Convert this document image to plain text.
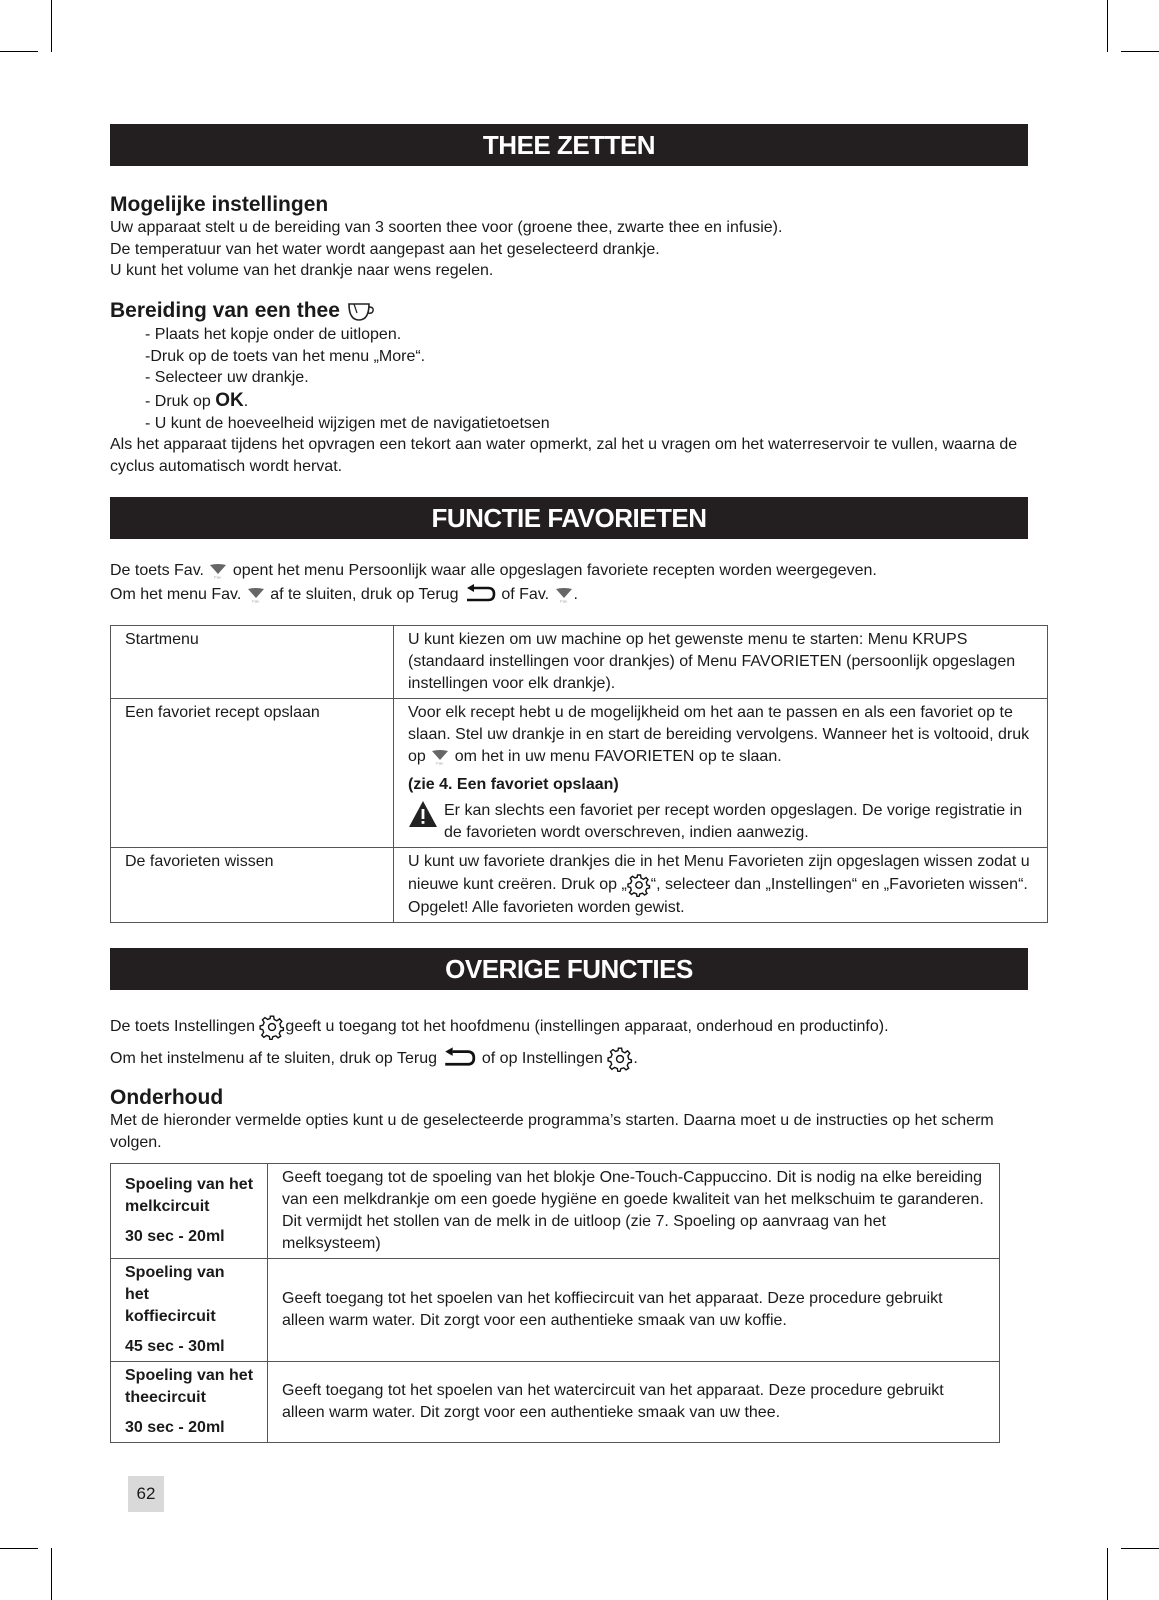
THEE ZETTEN
Mogelijke instellingen

Uw apparaat stelt u de bereiding van 3 soorten thee voor (groene thee, zwarte thee en infusie).

De temperatuur van het water wordt aangepast aan het geselecteerd drankje.

U kunt het volume van het drankje naar wens regelen.

Bereiding van een thee

- Plaats het kopje onder de uitlopen.

-Druk op de toets van het menu „More“.

- Selecteer uw drankje.

- Druk op OK.

- U kunt de hoeveelheid wijzigen met de navigatietoetsen

Als het apparaat tijdens het opvragen een tekort aan water opmerkt, zal het u vragen om het waterreservoir te vullen, waarna de cyclus automatisch wordt hervat.

FUNCTIE FAVORIETEN

De toets Fav. Fav. opent het menu Persoonlijk waar alle opgeslagen favoriete recepten worden weergegeven.

Om het menu Fav. Fav. af te sluiten, druk op Terug
of Fav. Fav. .

Startmenu	U kunt kiezen om uw machine op het gewenste menu te starten: Menu KRUPS (standaard instellingen voor drankjes) of Menu FAVORIETEN (persoonlijk opgeslagen instellingen voor elk drankje).
Een favoriet recept opslaan	Voor elk recept hebt u de mogelijkheid om het aan te passen en als een favoriet op te slaan. Stel uw drankje in en start de bereiding vervolgens. Wanneer het is voltooid, druk op Fav. om het in uw menu FAVORIETEN op te slaan.

(zie 4. Een favoriet opslaan)

Er kan slechts een favoriet per recept worden opgeslagen. De vorige registratie in de favorieten wordt overschreven, indien aanwezig.

De favorieten wissen	U kunt uw favoriete drankjes die in het Menu Favorieten zijn opgeslagen wissen zodat u nieuwe kunt creëren. Druk op „ “, selecteer dan „Instellingen“ en „Favorieten wissen“. Opgelet! Alle favorieten worden gewist.

OVERIGE FUNCTIES

De toets Instellingen
geeft u toegang tot het hoofdmenu (instellingen apparaat, onderhoud en productinfo).

Om het instelmenu af te sluiten, druk op Terug
of op Instellingen
.

Onderhoud
Met de hieronder vermelde opties kunt u de geselecteerde programma’s starten. Daarna moet u de instructies op het scherm volgen.

Spoeling van het melkcircuit

30 sec - 20ml	Geeft toegang tot de spoeling van het blokje One-Touch-Cappuccino. Dit is nodig na elke bereiding van een melkdrankje om een goede hygiëne en goede kwaliteit van het melkschuim te garanderen. Dit vermijdt het stollen van de melk in de uitloop (zie 7. Spoeling op aanvraag van het melksysteem)

Spoeling van het koffiecircuit

45 sec - 30ml	Geeft toegang tot het spoelen van het koffiecircuit van het apparaat. Deze procedure gebruikt alleen warm water. Dit zorgt voor een authentieke smaak van uw koffie.

Spoeling van het theecircuit

30 sec - 20ml	Geeft toegang tot het spoelen van het watercircuit van het apparaat. Deze procedure gebruikt alleen warm water. Dit zorgt voor een authentieke smaak van uw thee.
62
